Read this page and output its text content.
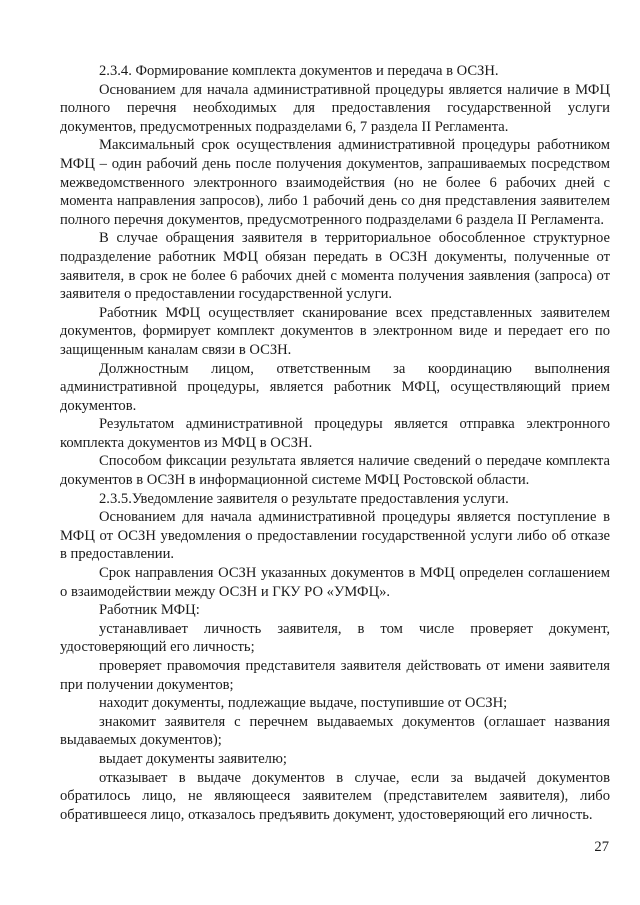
2.3.4. Формирование комплекта документов и передача в ОСЗН.

Основанием для начала административной процедуры является наличие в МФЦ полного перечня необходимых для предоставления государственной услуги документов, предусмотренных подразделами 6, 7 раздела II Регламента.

Максимальный срок осуществления административной процедуры работником МФЦ – один рабочий день после получения документов, запрашиваемых посредством межведомственного электронного взаимодействия (но не более 6 рабочих дней с момента направления запросов), либо 1 рабочий день со дня представления заявителем полного перечня документов, предусмотренного подразделами 6 раздела II Регламента.

В случае обращения заявителя в территориальное обособленное структурное подразделение работник МФЦ обязан передать в ОСЗН документы, полученные от заявителя, в срок не более 6 рабочих дней с момента получения заявления (запроса) от заявителя о предоставлении государственной услуги.

Работник МФЦ осуществляет сканирование всех представленных заявителем документов, формирует комплект документов в электронном виде и передает его по защищенным каналам связи в ОСЗН.

Должностным лицом, ответственным за координацию выполнения административной процедуры, является работник МФЦ, осуществляющий прием документов.

Результатом административной процедуры является отправка электронного комплекта документов из МФЦ в ОСЗН.

Способом фиксации результата является наличие сведений о передаче комплекта документов в ОСЗН в информационной системе МФЦ Ростовской области.

2.3.5.Уведомление заявителя о результате предоставления услуги.

Основанием для начала административной процедуры является поступление в МФЦ от ОСЗН уведомления о предоставлении государственной услуги либо об отказе в предоставлении.

Срок направления ОСЗН указанных документов в МФЦ определен соглашением о взаимодействии между ОСЗН и ГКУ РО «УМФЦ».

Работник МФЦ:

устанавливает личность заявителя, в том числе проверяет документ, удостоверяющий его личность;

проверяет правомочия представителя заявителя действовать от имени заявителя при получении документов;

находит документы, подлежащие выдаче, поступившие от ОСЗН;

знакомит заявителя с перечнем выдаваемых документов (оглашает названия выдаваемых документов);

выдает документы заявителю;

отказывает в выдаче документов в случае, если за выдачей документов обратилось лицо, не являющееся заявителем (представителем заявителя), либо обратившееся лицо, отказалось предъявить документ, удостоверяющий его личность.

27
